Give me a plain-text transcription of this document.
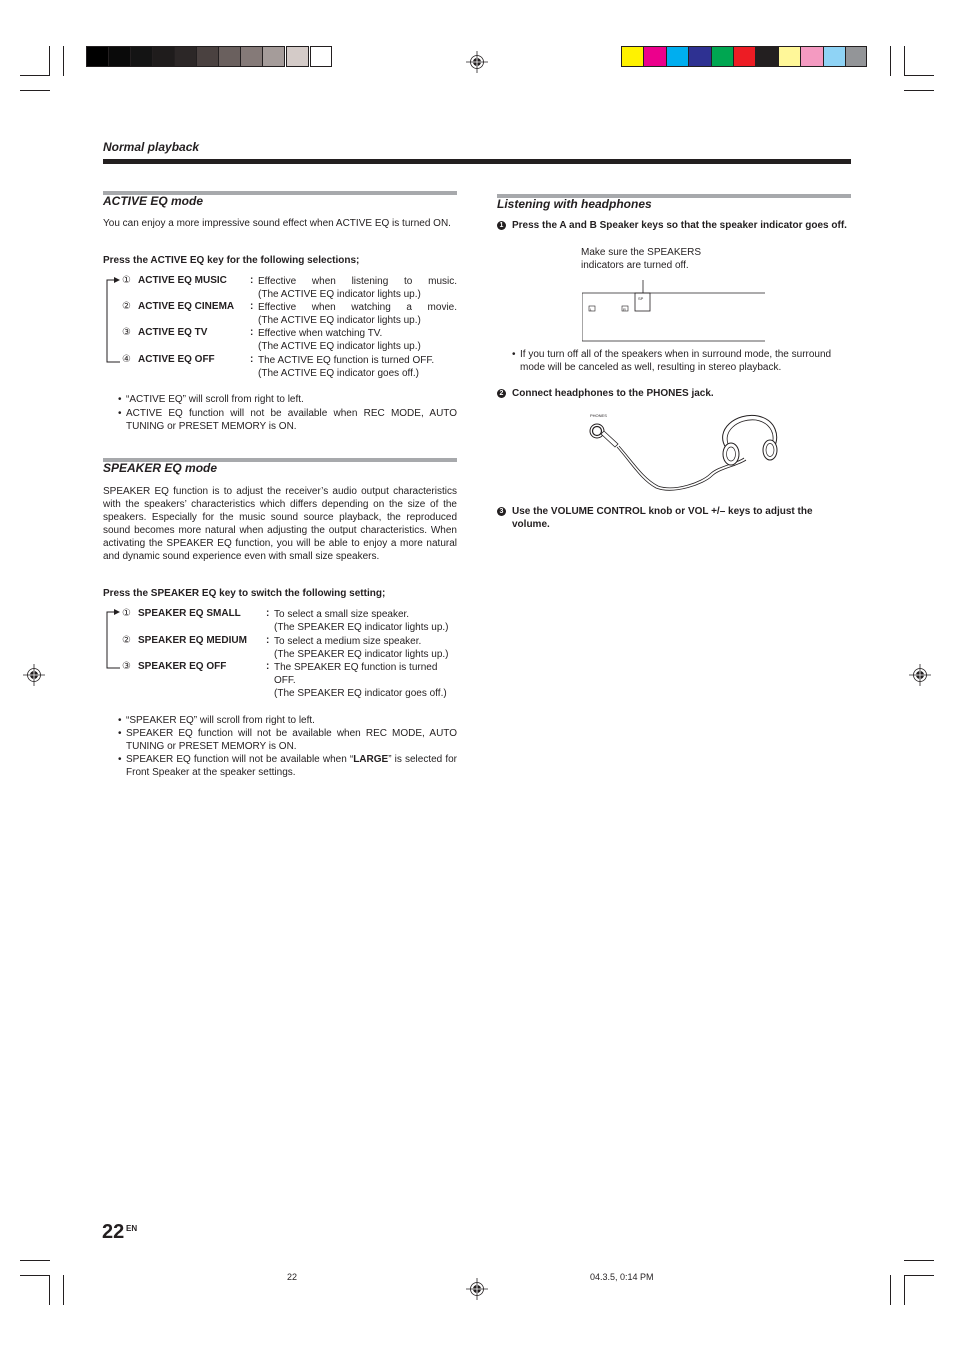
Normal playback
ACTIVE EQ mode
You can enjoy a more impressive sound effect when ACTIVE EQ is turned ON.
Press the ACTIVE EQ key for the following selections;
① ACTIVE EQ MUSIC : Effective when listening to music.
(The ACTIVE EQ indicator lights up.)
② ACTIVE EQ CINEMA : Effective when watching a movie.
(The ACTIVE EQ indicator lights up.)
③ ACTIVE EQ TV	: Effective when watching TV.
(The ACTIVE EQ indicator lights up.)
④ ACTIVE EQ OFF	: The ACTIVE EQ function is turned OFF.
(The ACTIVE EQ indicator goes off.)
• “ACTIVE EQ” will scroll from right to left.
• ACTIVE EQ function will not be available when REC MODE, AUTO TUNING or PRESET MEMORY is ON.
SPEAKER EQ mode
SPEAKER EQ function is to adjust the receiver’s audio output characteristics with the speakers’ characteristics which differs depending on the size of the speakers. Especially for the music sound source playback, the reproduced sound becomes more natural when adjusting the output characteristics. When activating the SPEAKER EQ function, you will be able to enjoy a more natural and dynamic sound experience even with small size speakers.
Press the SPEAKER EQ key to switch the following setting;
① SPEAKER EQ SMALL	: To select a small size speaker.
(The SPEAKER EQ indicator lights up.)
② SPEAKER EQ MEDIUM : To select a medium size speaker.
(The SPEAKER EQ indicator lights up.)
③ SPEAKER EQ OFF	: The SPEAKER EQ function is turned
OFF.
(The SPEAKER EQ indicator goes off.)
• “SPEAKER EQ” will scroll from right to left.
• SPEAKER EQ function will not be available when REC MODE, AUTO TUNING or PRESET MEMORY is ON.
• SPEAKER EQ function will not be available when “LARGE” is selected for Front Speaker at the speaker settings.
Listening with headphones
1 Press the A and B Speaker keys so that the speaker indicator goes off.
Make sure the SPEAKERS indicators are turned off.
L	R
SP
• If you turn off all of the speakers when in surround mode, the surround mode will be canceled as well, resulting in stereo playback.
2 Connect headphones to the PHONES jack.
PHONES
3 Use the VOLUME CONTROL knob or VOL +/– keys to adjust the volume.
22 EN
22	04.3.5, 0:14 PM
